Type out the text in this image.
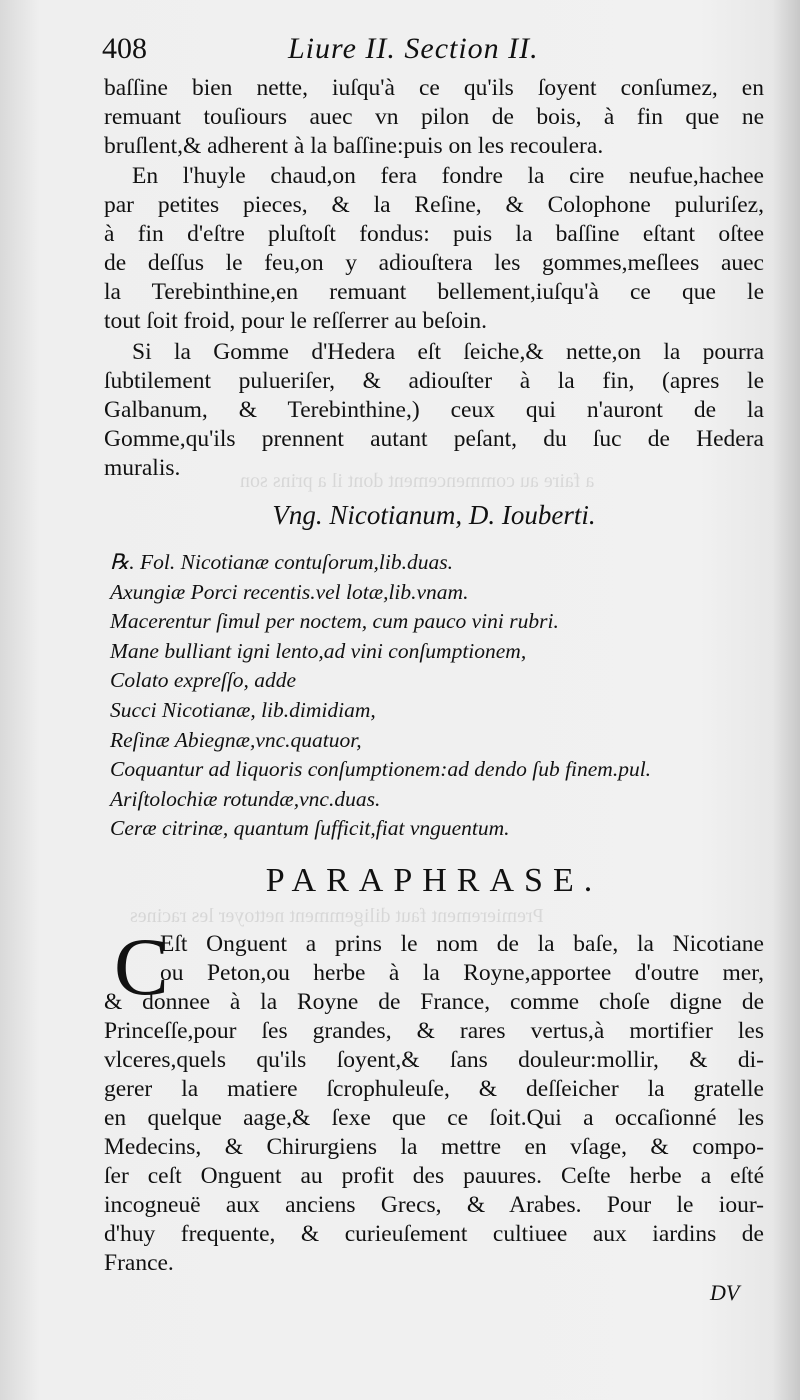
a faire au commencement dont il a prins son
Premierement faut diligemment nettoyer les racines
408	Liure II. Section II.
baſſine bien nette, iuſqu'à ce qu'ils ſoyent conſumez, en
remuant touſiours auec vn pilon de bois, à fin que ne
bruſlent,& adherent à la baſſine:puis on les recoulera.
En l'huyle chaud,on fera fondre la cire neufue,hachee
par petites pieces, & la Reſine, & Colophone puluriſez,
à fin d'eſtre pluſtoſt fondus: puis la baſſine eſtant oſtee
de deſſus le feu,on y adiouſtera les gommes,meſlees auec
la Terebinthine,en remuant bellement,iuſqu'à ce que le
tout ſoit froid, pour le reſſerrer au beſoin.
Si la Gomme d'Hedera eſt ſeiche,& nette,on la pourra
ſubtilement pulueriſer, & adiouſter à la fin, (apres le
Galbanum, & Terebinthine,) ceux qui n'auront de la
Gomme,qu'ils prennent autant peſant, du ſuc de Hedera
muralis.
Vng. Nicotianum, D. Iouberti.
℞. Fol. Nicotianæ contuſorum,lib.duas.
Axungiæ Porci recentis.vel lotæ,lib.vnam.
Macerentur ſimul per noctem, cum pauco vini rubri.
Mane bulliant igni lento,ad vini conſumptionem,
Colato expreſſo, adde
Succi Nicotianæ, lib.dimidiam,
Reſinæ Abiegnæ,vnc.quatuor,
Coquantur ad liquoris conſumptionem:ad dendo ſub finem.pul.
Ariſtolochiæ rotundæ,vnc.duas.
Ceræ citrinæ, quantum ſufficit,fiat vnguentum.
PARAPHRASE.
C
Eſt Onguent a prins le nom de la baſe, la Nicotiane
ou Peton,ou herbe à la Royne,apportee d'outre mer,
& donnee à la Royne de France, comme choſe digne de
Princeſſe,pour ſes grandes, & rares vertus,à mortifier les
vlceres,quels qu'ils ſoyent,& ſans douleur:mollir, & di-
gerer la matiere ſcrophuleuſe, & deſſeicher la gratelle
en quelque aage,& ſexe que ce ſoit.Qui a occaſionné les
Medecins, & Chirurgiens la mettre en vſage, & compo-
ſer ceſt Onguent au profit des pauures. Ceſte herbe a eſté
incogneuë aux anciens Grecs, & Arabes. Pour le iour-
d'huy frequente, & curieuſement cultiuee aux iardins de
France.
DV
